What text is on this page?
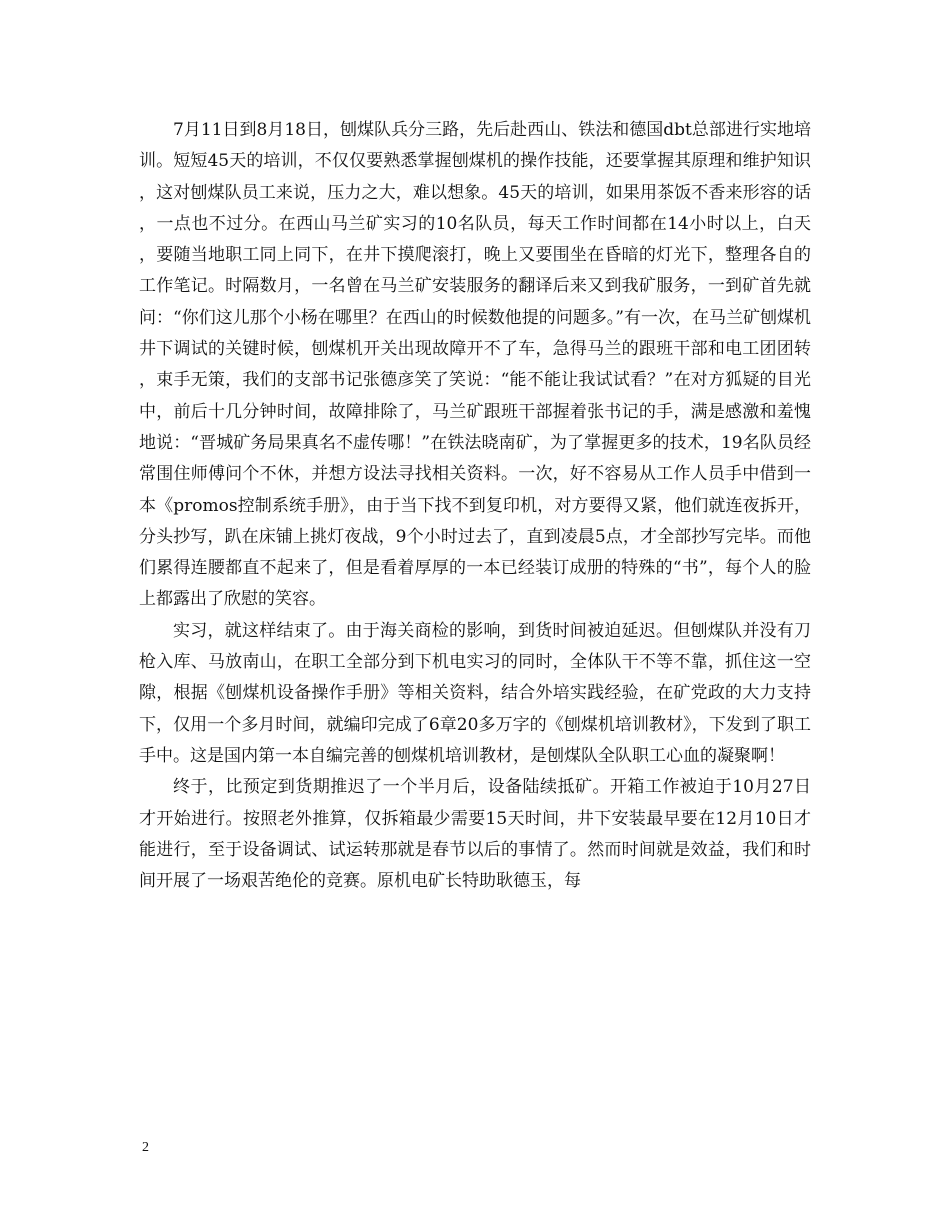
7月11日到8月18日，刨煤队兵分三路，先后赴西山、铁法和德国dbt总部进行实地培训。短短45天的培训，不仅仅要熟悉掌握刨煤机的操作技能，还要掌握其原理和维护知识，这对刨煤队员工来说，压力之大，难以想象。45天的培训，如果用茶饭不香来形容的话，一点也不过分。在西山马兰矿实习的10名队员，每天工作时间都在14小时以上，白天，要随当地职工同上同下，在井下摸爬滚打，晚上又要围坐在昏暗的灯光下，整理各自的工作笔记。时隔数月，一名曾在马兰矿安装服务的翻译后来又到我矿服务，一到矿首先就问：“你们这儿那个小杨在哪里？在西山的时候数他提的问题多。”有一次，在马兰矿刨煤机井下调试的关键时候，刨煤机开关出现故障开不了车，急得马兰的跟班干部和电工团团转，束手无策，我们的支部书记张德彦笑了笑说：“能不能让我试试看？”在对方狐疑的目光中，前后十几分钟时间，故障排除了，马兰矿跟班干部握着张书记的手，满是感激和羞愧地说：“晋城矿务局果真名不虚传哪！”在铁法晓南矿，为了掌握更多的技术，19名队员经常围住师傅问个不休，并想方设法寻找相关资料。一次，好不容易从工作人员手中借到一本《promos控制系统手册》，由于当下找不到复印机，对方要得又紧，他们就连夜拆开，分头抄写，趴在床铺上挑灯夜战，9个小时过去了，直到凌晨5点，才全部抄写完毕。而他们累得连腰都直不起来了，但是看着厚厚的一本已经装订成册的特殊的“书”，每个人的脸上都露出了欣慰的笑容。

实习，就这样结束了。由于海关商检的影响，到货时间被迫延迟。但刨煤队并没有刀枪入库、马放南山，在职工全部分到下机电实习的同时，全体队干不等不靠，抓住这一空隙，根据《刨煤机设备操作手册》等相关资料，结合外培实践经验，在矿党政的大力支持下，仅用一个多月时间，就编印完成了6章20多万字的《刨煤机培训教材》，下发到了职工手中。这是国内第一本自编完善的刨煤机培训教材，是刨煤队全队职工心血的凝聚啊！

终于，比预定到货期推迟了一个半月后，设备陆续抵矿。开箱工作被迫于10月27日才开始进行。按照老外推算，仅拆箱最少需要15天时间，井下安装最早要在12月10日才能进行，至于设备调试、试运转那就是春节以后的事情了。然而时间就是效益，我们和时间开展了一场艰苦绝伦的竞赛。原机电矿长特助耿德玉，每

2
